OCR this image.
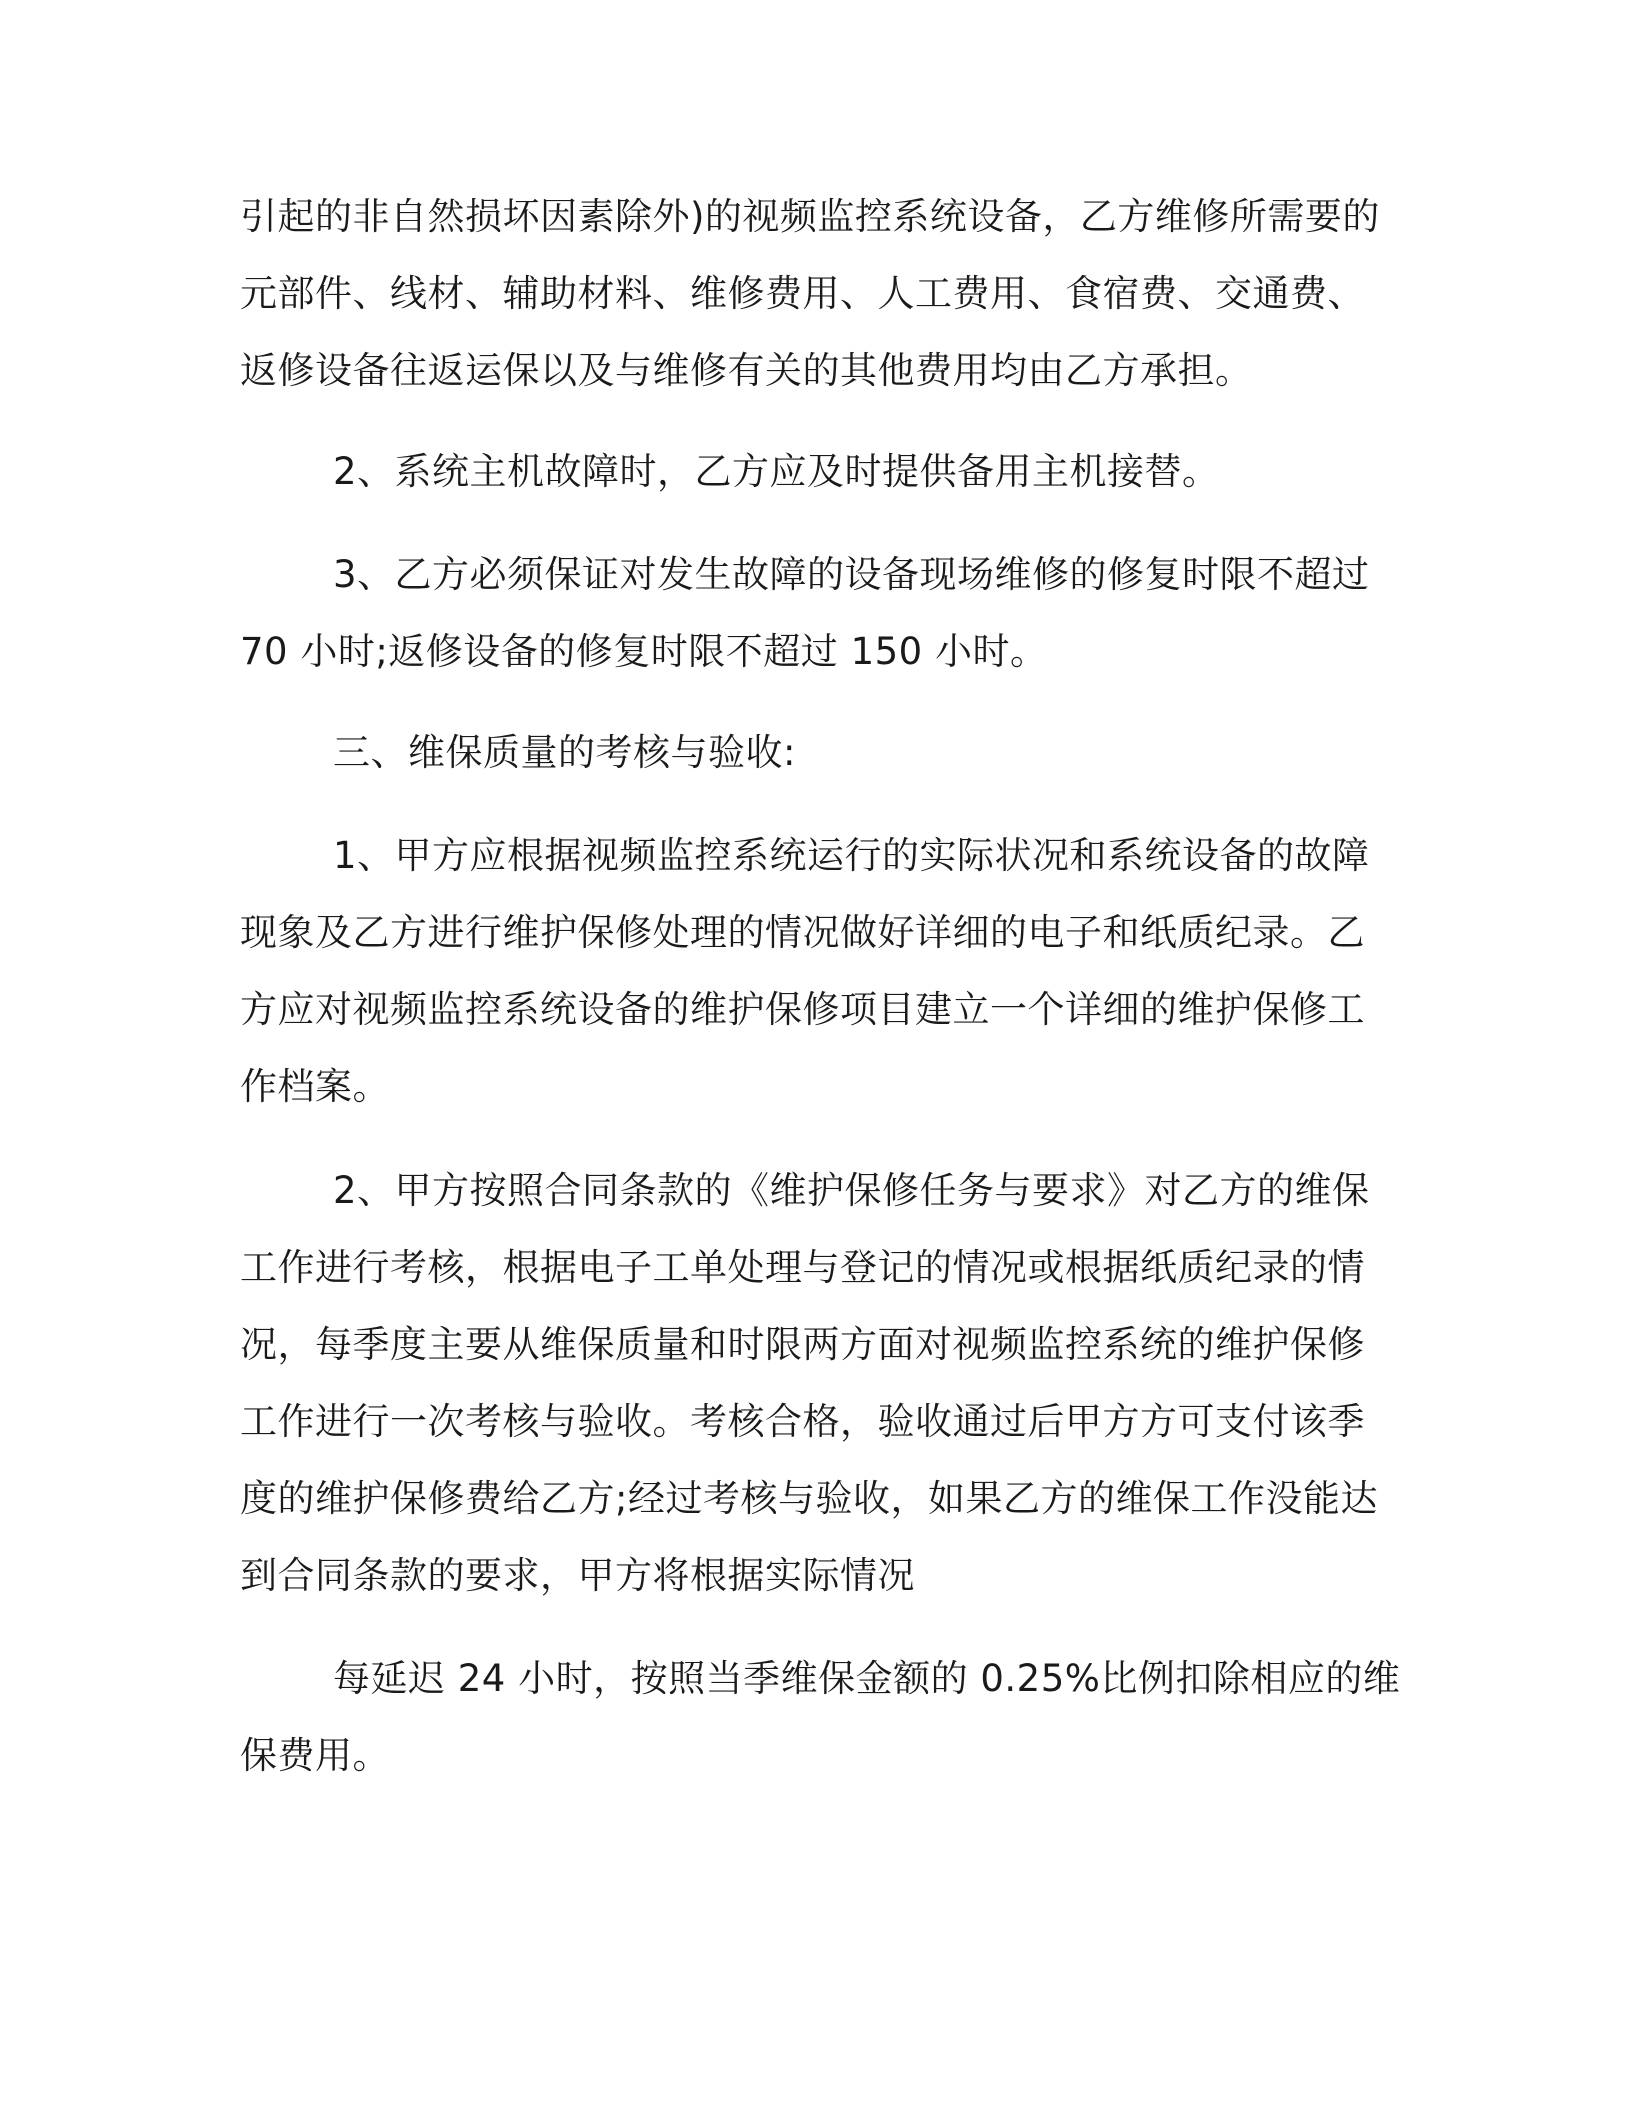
引起的非自然损坏因素除外)的视频监控系统设备，乙方维修所需要的
元部件、线材、辅助材料、维修费用、人工费用、食宿费、交通费、
返修设备往返运保以及与维修有关的其他费用均由乙方承担。
2、系统主机故障时，乙方应及时提供备用主机接替。
3、乙方必须保证对发生故障的设备现场维修的修复时限不超过
70 小时;返修设备的修复时限不超过 150 小时。
三、维保质量的考核与验收:
1、甲方应根据视频监控系统运行的实际状况和系统设备的故障
现象及乙方进行维护保修处理的情况做好详细的电子和纸质纪录。乙
方应对视频监控系统设备的维护保修项目建立一个详细的维护保修工
作档案。
2、甲方按照合同条款的《维护保修任务与要求》对乙方的维保
工作进行考核，根据电子工单处理与登记的情况或根据纸质纪录的情
况，每季度主要从维保质量和时限两方面对视频监控系统的维护保修
工作进行一次考核与验收。考核合格，验收通过后甲方方可支付该季
度的维护保修费给乙方;经过考核与验收，如果乙方的维保工作没能达
到合同条款的要求，甲方将根据实际情况
每延迟 24 小时，按照当季维保金额的 0.25%比例扣除相应的维
保费用。
